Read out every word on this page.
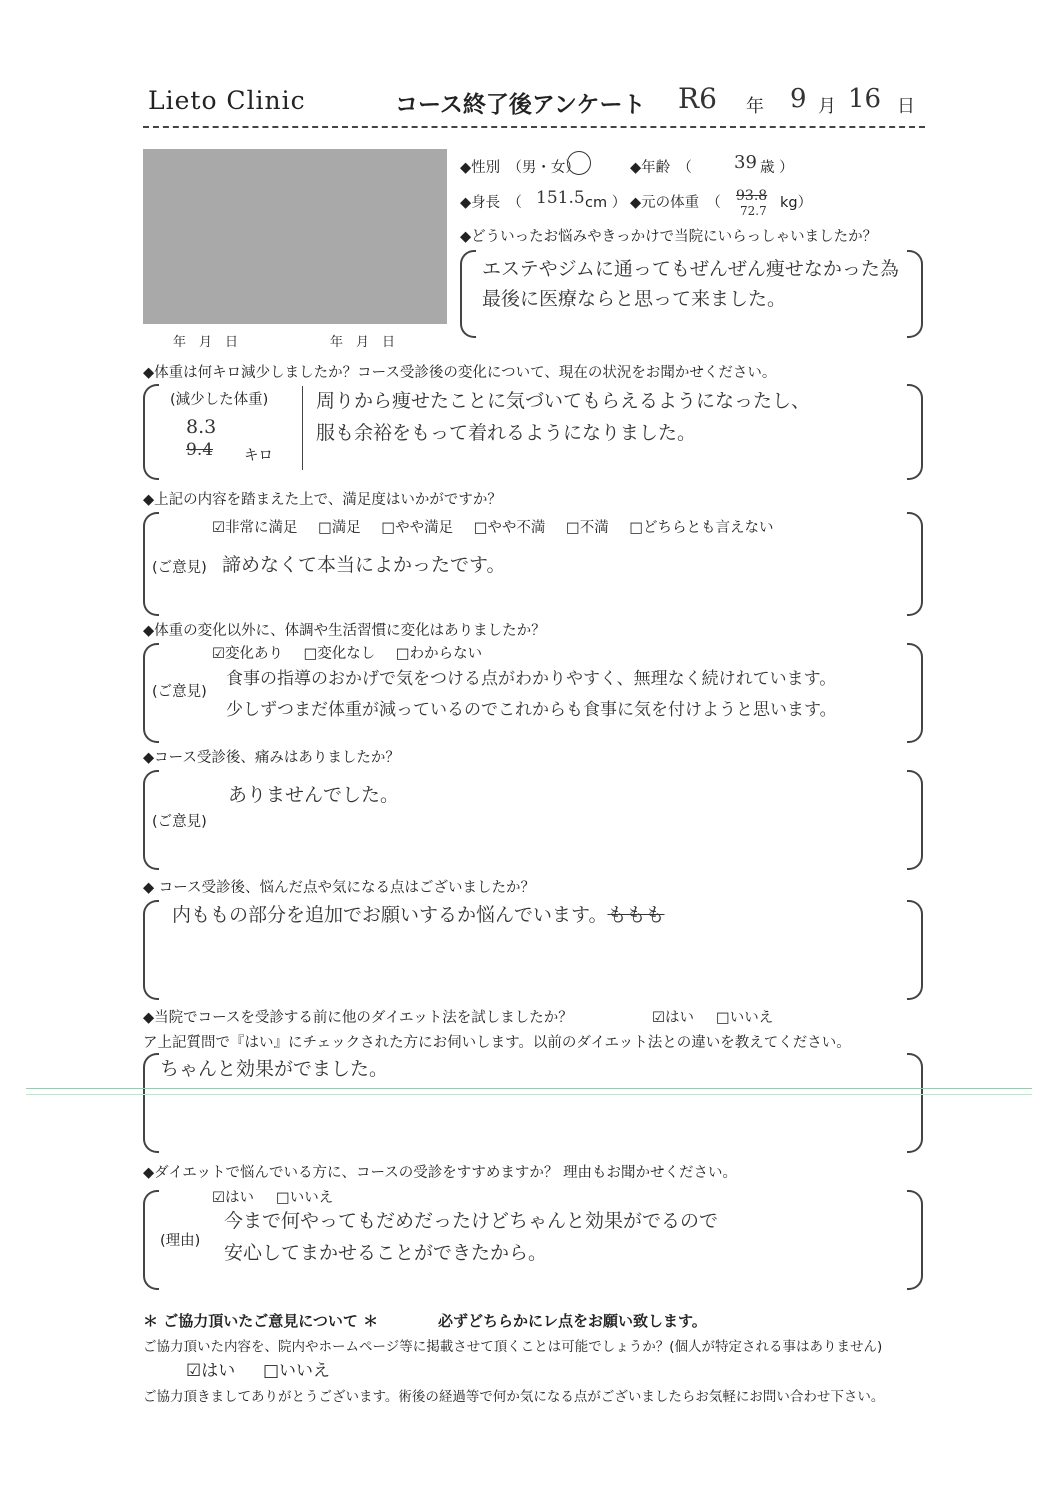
Lieto Clinic	コース終了後アンケート R6 年 9 月 16 日
年　月　日	年　月　日
◆性別　（男・女）	◆年齢　（ 39 歳 ）
◆身長　（ 151.5 cm ） ◆元の体重　（ 93.8
72.7 kg）
◆どういったお悩みやきっかけで当院にいらっしゃいましたか？
エステやジムに通ってもぜんぜん痩せなかった為
最後に医療ならと思って来ました。
◆体重は何キロ減少しましたか？コース受診後の変化について、現在の状況をお聞かせください。
(減少した体重)
8.3
9.4 キロ
周りから痩せたことに気づいてもらえるようになったし、
服も余裕をもって着れるようになりました。
◆上記の内容を踏まえた上で、満足度はいかがですか？
☑非常に満足 □満足 □やや満足 □やや不満 □不満 □どちらとも言えない
(ご意見) 諦めなくて本当によかったです。
◆体重の変化以外に、体調や生活習慣に変化はありましたか？
☑変化あり □変化なし □わからない
(ご意見)
食事の指導のおかげで気をつける点がわかりやすく、無理なく続けれています。
少しずつまだ体重が減っているのでこれからも食事に気を付けようと思います。
◆コース受診後、痛みはありましたか？
ありませんでした。
(ご意見)
◆ コース受診後、悩んだ点や気になる点はございましたか？
内ももの部分を追加でお願いするか悩んでいます。ももも
◆当院でコースを受診する前に他のダイエット法を試しましたか？	☑はい □いいえ
ア上記質問で『はい』にチェックされた方にお伺いします。以前のダイエット法との違いを教えてください。
ちゃんと効果がでました。
◆ダイエットで悩んでいる方に、コースの受診をすすめますか？ 理由もお聞かせください。
☑はい □いいえ
(理由)
今まで何やってもだめだったけどちゃんと効果がでるので
安心してまかせることができたから。
＊ ご協力頂いたご意見について ＊	必ずどちらかにレ点をお願い致します。
ご協力頂いた内容を、院内やホームページ等に掲載させて頂くことは可能でしょうか？(個人が特定される事はありません)
☑はい □いいえ
ご協力頂きましてありがとうございます。術後の経過等で何か気になる点がございましたらお気軽にお問い合わせ下さい。
